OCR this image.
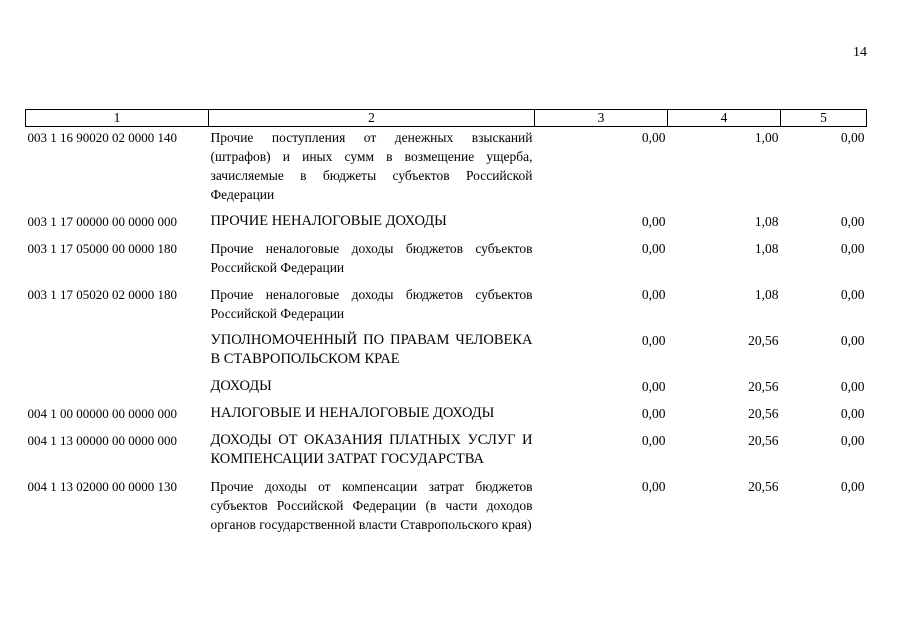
14
1	2	3	4	5
003 1 16 90020 02 0000 140	Прочие поступления от денежных взысканий (штрафов) и иных сумм в возмещение ущерба, зачисляемые в бюджеты субъектов Российской Федерации	0,00	1,00	0,00
003 1 17 00000 00 0000 000	ПРОЧИЕ НЕНАЛОГОВЫЕ ДОХОДЫ	0,00	1,08	0,00
003 1 17 05000 00 0000 180	Прочие неналоговые доходы бюджетов субъектов Российской Федерации	0,00	1,08	0,00
003 1 17 05020 02 0000 180	Прочие неналоговые доходы бюджетов субъектов Российской Федерации	0,00	1,08	0,00
	УПОЛНОМОЧЕННЫЙ ПО ПРАВАМ ЧЕЛОВЕКА В СТАВРОПОЛЬСКОМ КРАЕ	0,00	20,56	0,00
	ДОХОДЫ	0,00	20,56	0,00
004 1 00 00000 00 0000 000	НАЛОГОВЫЕ И НЕНАЛОГОВЫЕ ДОХОДЫ	0,00	20,56	0,00
004 1 13 00000 00 0000 000	ДОХОДЫ ОТ ОКАЗАНИЯ ПЛАТНЫХ УСЛУГ И КОМПЕНСАЦИИ ЗАТРАТ ГОСУДАРСТВА	0,00	20,56	0,00
004 1 13 02000 00 0000 130	Прочие доходы от компенсации затрат бюджетов субъектов Российской Федерации (в части доходов органов государственной власти Ставропольского края)	0,00	20,56	0,00
